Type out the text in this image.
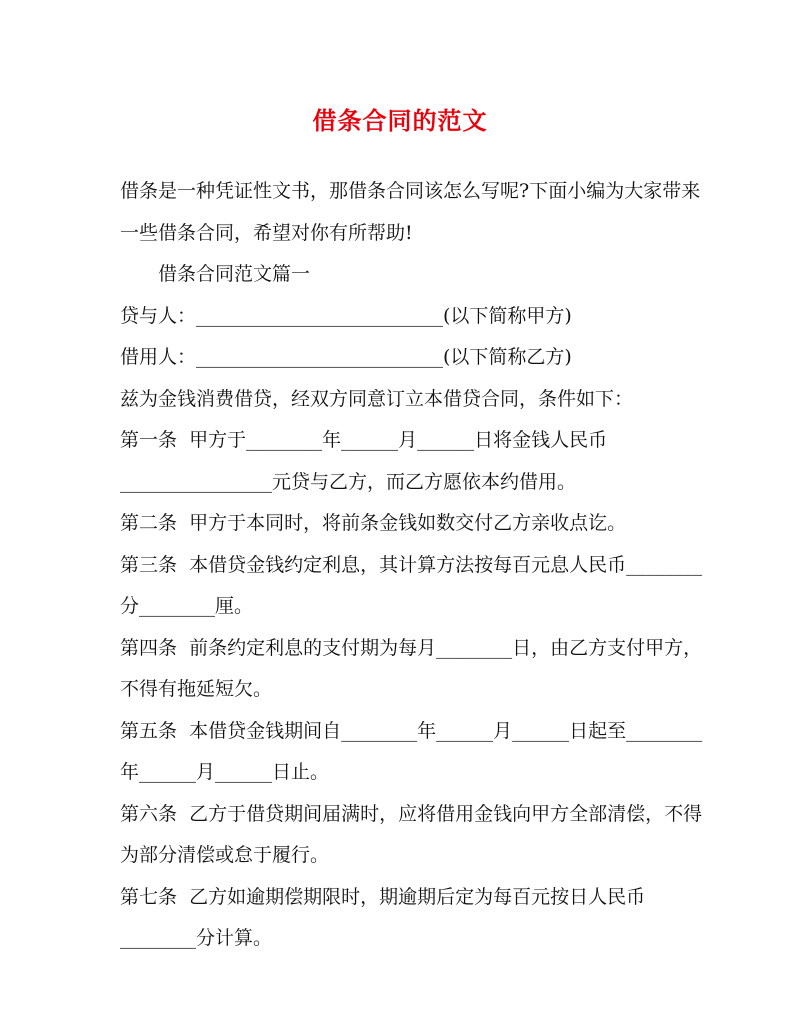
借条合同的范文
借条是一种凭证性文书，那借条合同该怎么写呢?下面小编为大家带来
一些借条合同，希望对你有所帮助!
借条合同范文篇一
贷与人：__________________________(以下简称甲方)
借用人：__________________________(以下简称乙方)
兹为金钱消费借贷，经双方同意订立本借贷合同，条件如下：
第一条  甲方于________年______月______日将金钱人民币
________________元贷与乙方，而乙方愿依本约借用。
第二条  甲方于本同时，将前条金钱如数交付乙方亲收点讫。
第三条  本借贷金钱约定利息，其计算方法按每百元息人民币________
分________厘。
第四条  前条约定利息的支付期为每月________日，由乙方支付甲方，
不得有拖延短欠。
第五条  本借贷金钱期间自________年______月______日起至________
年______月______日止。
第六条  乙方于借贷期间届满时，应将借用金钱向甲方全部清偿，不得
为部分清偿或怠于履行。
第七条  乙方如逾期偿期限时，期逾期后定为每百元按日人民币
________分计算。
